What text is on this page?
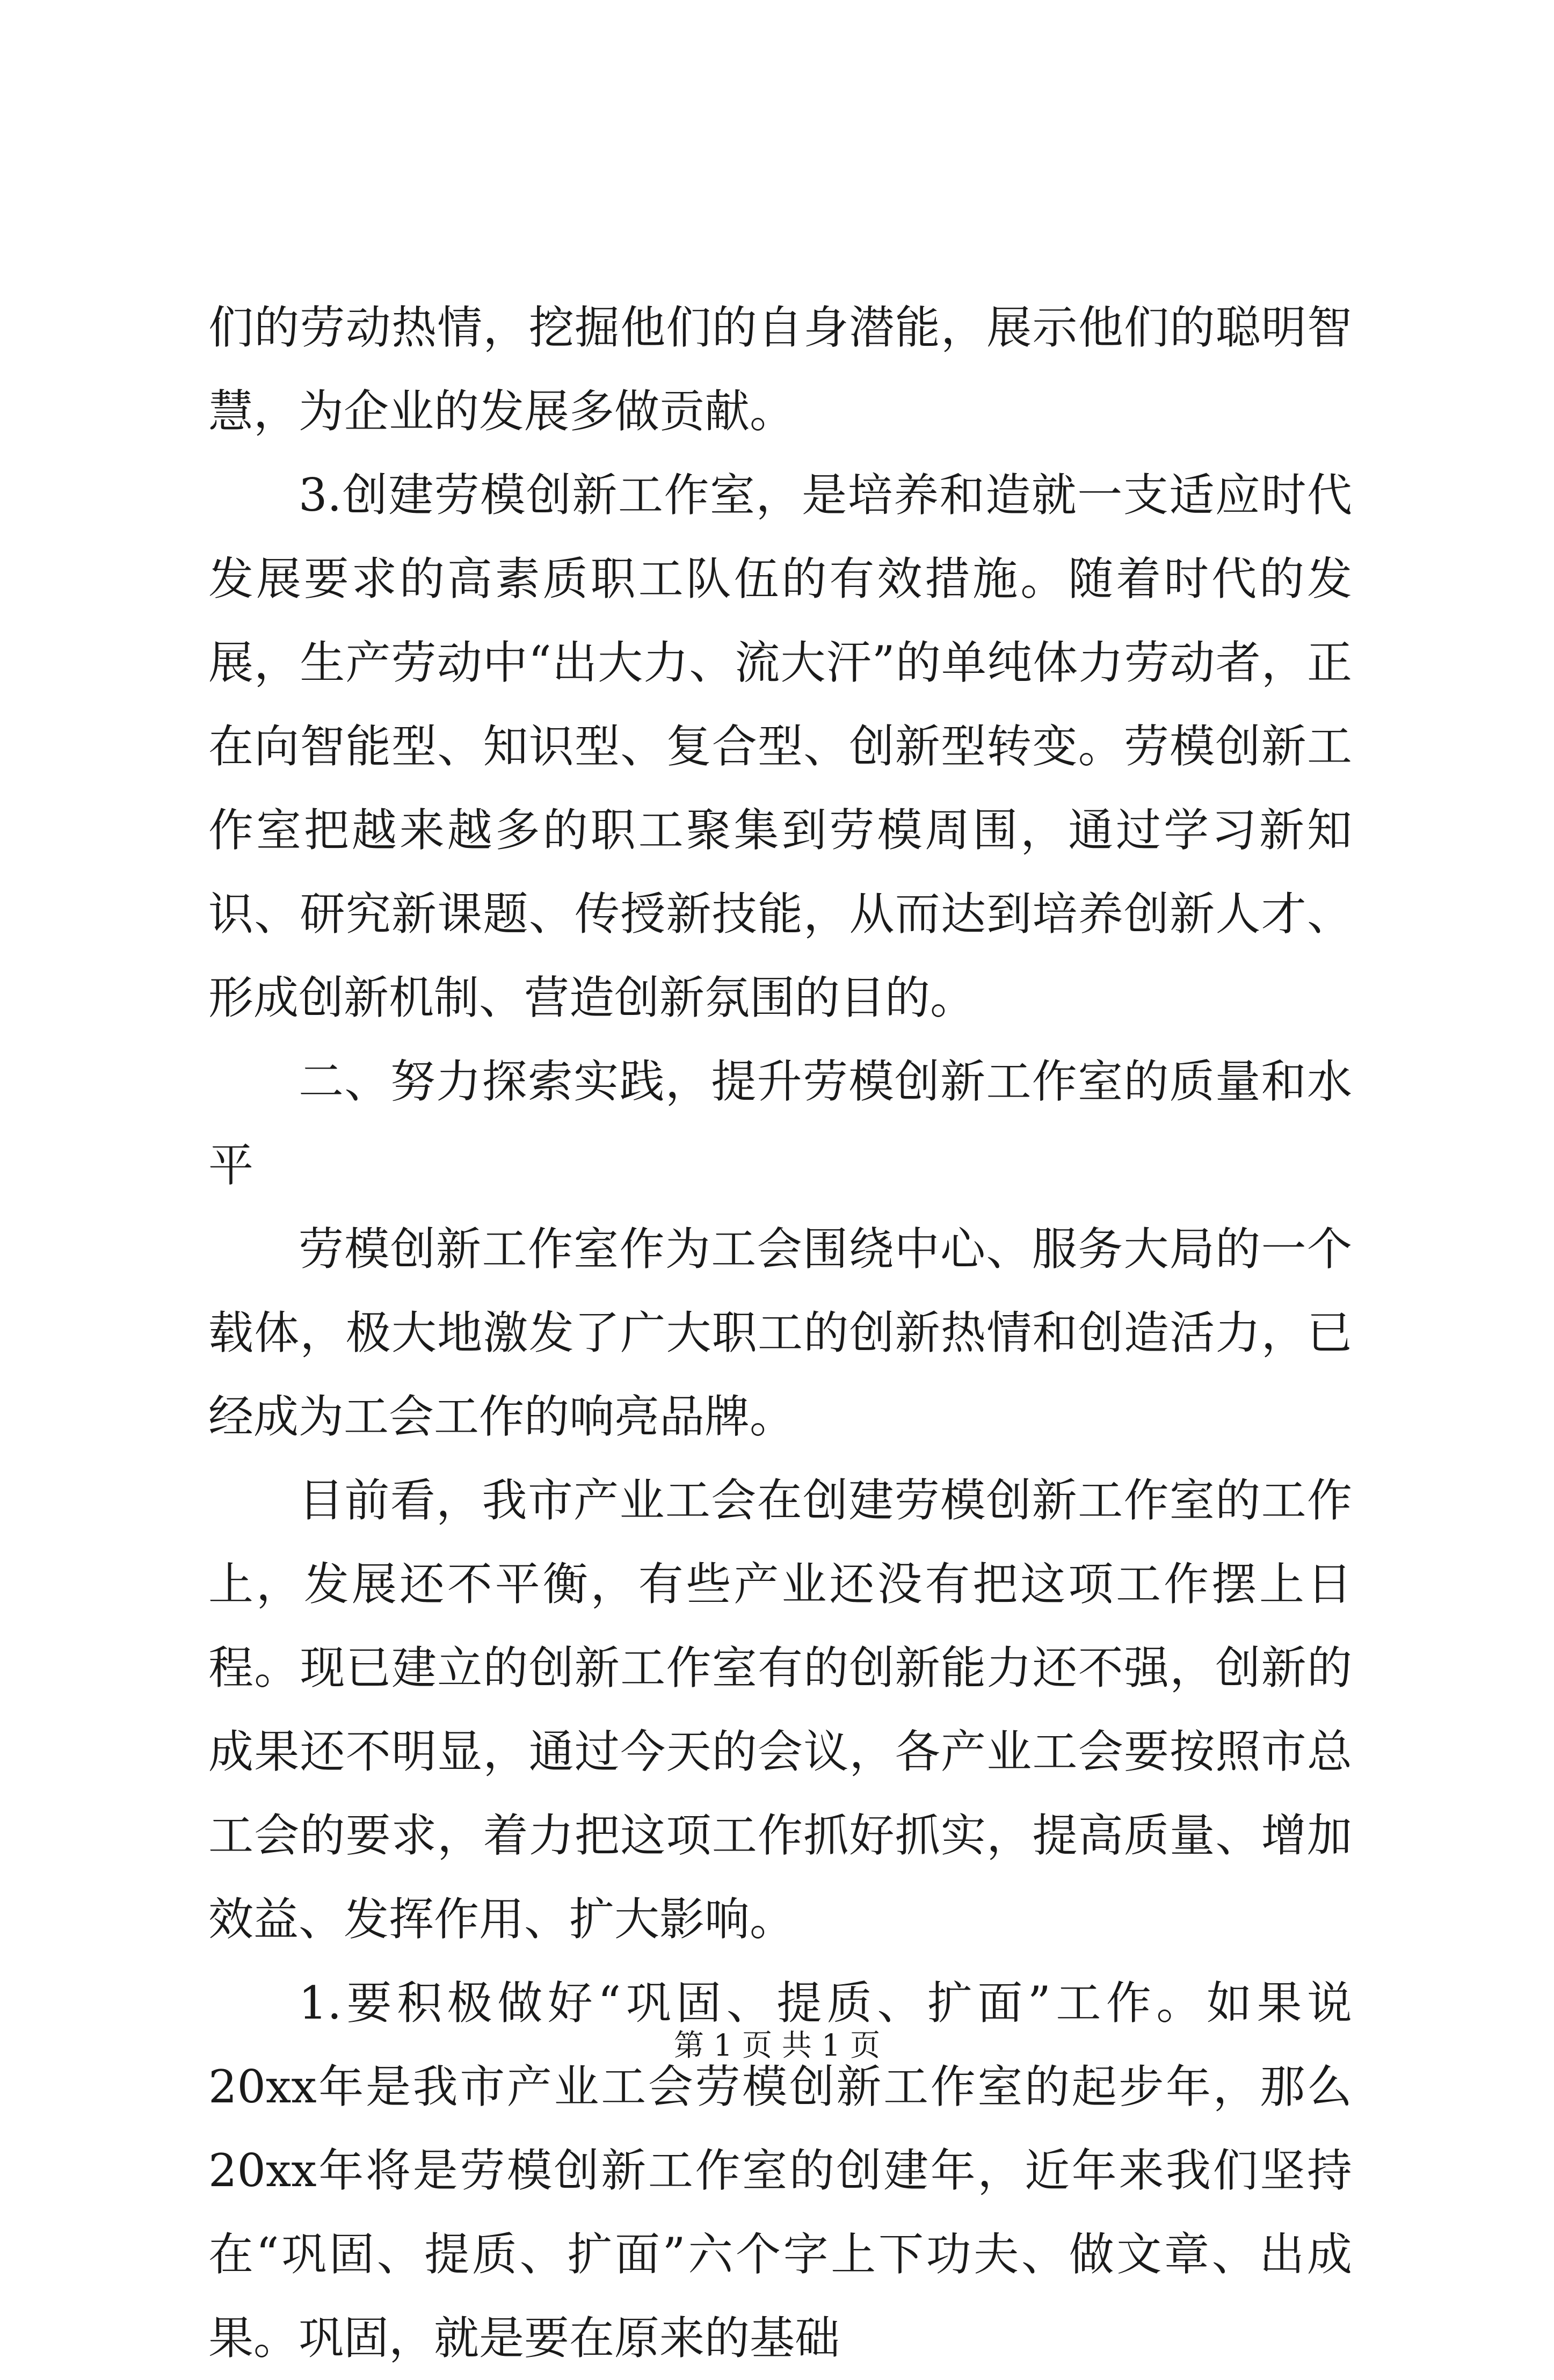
们的劳动热情，挖掘他们的自身潜能，展示他们的聪明智慧，为企业的发展多做贡献。

3.创建劳模创新工作室，是培养和造就一支适应时代发展要求的高素质职工队伍的有效措施。随着时代的发展，生产劳动中“出大力、流大汗”的单纯体力劳动者，正在向智能型、知识型、复合型、创新型转变。劳模创新工作室把越来越多的职工聚集到劳模周围，通过学习新知识、研究新课题、传授新技能，从而达到培养创新人才、形成创新机制、营造创新氛围的目的。

二、努力探索实践，提升劳模创新工作室的质量和水平

劳模创新工作室作为工会围绕中心、服务大局的一个载体，极大地激发了广大职工的创新热情和创造活力，已经成为工会工作的响亮品牌。

目前看，我市产业工会在创建劳模创新工作室的工作上，发展还不平衡，有些产业还没有把这项工作摆上日程。现已建立的创新工作室有的创新能力还不强，创新的成果还不明显，通过今天的会议，各产业工会要按照市总工会的要求，着力把这项工作抓好抓实，提高质量、增加效益、发挥作用、扩大影响。

1.要积极做好“巩固、提质、扩面”工作。如果说20xx年是我市产业工会劳模创新工作室的起步年，那么20xx年将是劳模创新工作室的创建年，近年来我们坚持在“巩固、提质、扩面”六个字上下功夫、做文章、出成果。巩固，就是要在原来的基础

第 1 页 共 1 页
